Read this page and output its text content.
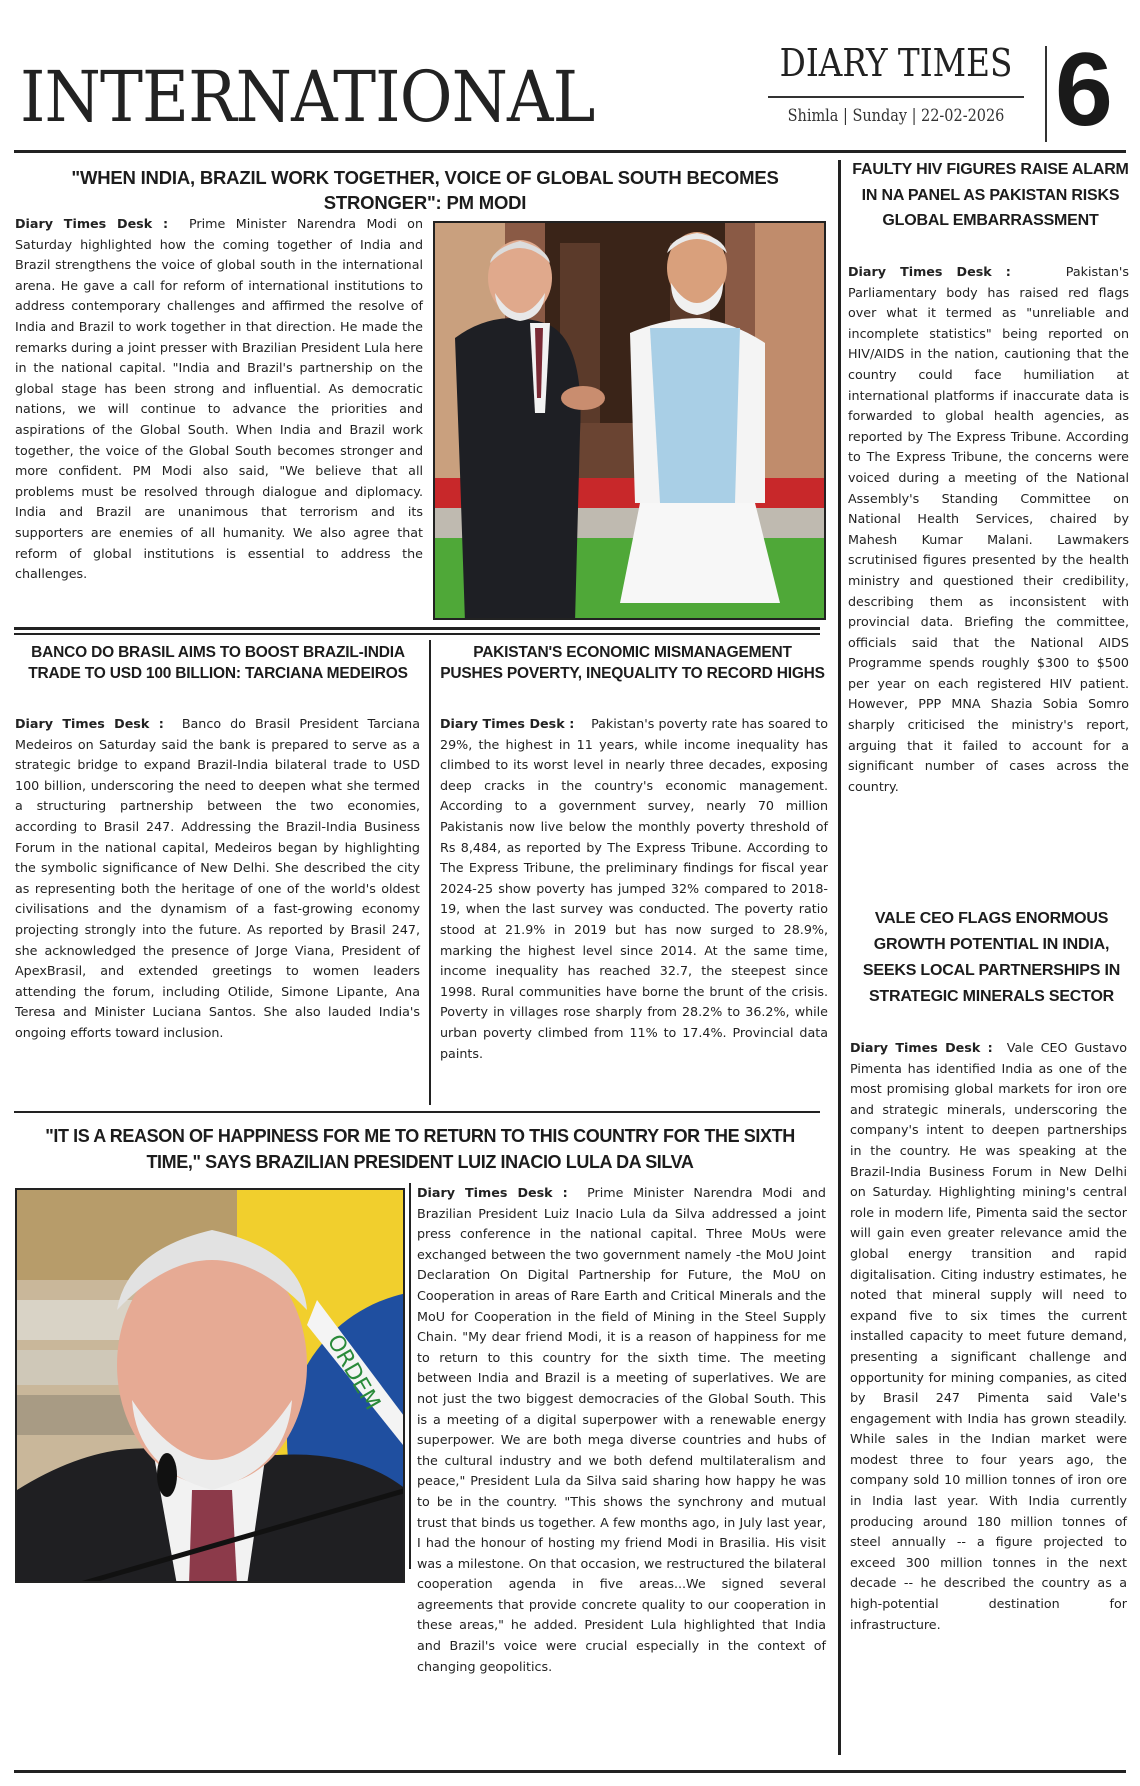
INTERNATIONAL	DIARY TIMES
Shimla | Sunday | 22-02-2026 6
"WHEN INDIA, BRAZIL WORK TOGETHER, VOICE OF GLOBAL SOUTH BECOMES STRONGER": PM MODI
Diary Times Desk : Prime Minister Narendra Modi on Saturday highlighted how the coming together of India and Brazil strengthens the voice of global south in the international arena. He gave a call for reform of international institutions to address contemporary challenges and affirmed the resolve of India and Brazil to work together in that direction. He made the remarks during a joint presser with Brazilian President Lula here in the national capital. "India and Brazil's partnership on the global stage has been strong and influential. As democratic nations, we will continue to advance the priorities and aspirations of the Global South. When India and Brazil work together, the voice of the Global South becomes stronger and more confident. PM Modi also said, "We believe that all problems must be resolved through dialogue and diplomacy. India and Brazil are unanimous that terrorism and its supporters are enemies of all humanity. We also agree that reform of global institutions is essential to address the challenges.
BANCO DO BRASIL AIMS TO BOOST BRAZIL-INDIA TRADE TO USD 100 BILLION: TARCIANA MEDEIROS
Diary Times Desk : Banco do Brasil President Tarciana Medeiros on Saturday said the bank is prepared to serve as a strategic bridge to expand Brazil-India bilateral trade to USD 100 billion, underscoring the need to deepen what she termed a structuring partnership between the two economies, according to Brasil 247. Addressing the Brazil-India Business Forum in the national capital, Medeiros began by highlighting the symbolic significance of New Delhi. She described the city as representing both the heritage of one of the world's oldest civilisations and the dynamism of a fast-growing economy projecting strongly into the future. As reported by Brasil 247, she acknowledged the presence of Jorge Viana, President of ApexBrasil, and extended greetings to women leaders attending the forum, including Otilide, Simone Lipante, Ana Teresa and Minister Luciana Santos. She also lauded India's ongoing efforts toward inclusion.
PAKISTAN'S ECONOMIC MISMANAGEMENT PUSHES POVERTY, INEQUALITY TO RECORD HIGHS
Diary Times Desk : Pakistan's poverty rate has soared to 29%, the highest in 11 years, while income inequality has climbed to its worst level in nearly three decades, exposing deep cracks in the country's economic management. According to a government survey, nearly 70 million Pakistanis now live below the monthly poverty threshold of Rs 8,484, as reported by The Express Tribune. According to The Express Tribune, the preliminary findings for fiscal year 2024-25 show poverty has jumped 32% compared to 2018-19, when the last survey was conducted. The poverty ratio stood at 21.9% in 2019 but has now surged to 28.9%, marking the highest level since 2014. At the same time, income inequality has reached 32.7, the steepest since 1998. Rural communities have borne the brunt of the crisis. Poverty in villages rose sharply from 28.2% to 36.2%, while urban poverty climbed from 11% to 17.4%. Provincial data paints.
"IT IS A REASON OF HAPPINESS FOR ME TO RETURN TO THIS COUNTRY FOR THE SIXTH TIME," SAYS BRAZILIAN PRESIDENT LUIZ INACIO LULA DA SILVA
ORDEM
Diary Times Desk : Prime Minister Narendra Modi and Brazilian President Luiz Inacio Lula da Silva addressed a joint press conference in the national capital. Three MoUs were exchanged between the two government namely -the MoU Joint Declaration On Digital Partnership for Future, the MoU on Cooperation in areas of Rare Earth and Critical Minerals and the MoU for Cooperation in the field of Mining in the Steel Supply Chain. "My dear friend Modi, it is a reason of happiness for me to return to this country for the sixth time. The meeting between India and Brazil is a meeting of superlatives. We are not just the two biggest democracies of the Global South. This is a meeting of a digital superpower with a renewable energy superpower. We are both mega diverse countries and hubs of the cultural industry and we both defend multilateralism and peace," President Lula da Silva said sharing how happy he was to be in the country. "This shows the synchrony and mutual trust that binds us together. A few months ago, in July last year, I had the honour of hosting my friend Modi in Brasilia. His visit was a milestone. On that occasion, we restructured the bilateral cooperation agenda in five areas...We signed several agreements that provide concrete quality to our cooperation in these areas," he added. President Lula highlighted that India and Brazil's voice were crucial especially in the context of changing geopolitics.
FAULTY HIV FIGURES RAISE ALARM IN NA PANEL AS PAKISTAN RISKS GLOBAL EMBARRASSMENT
Diary Times Desk :	Pakistan's Parliamentary body has raised red flags over what it termed as "unreliable and incomplete statistics" being reported on HIV/AIDS in the nation, cautioning that the country could face humiliation at international platforms if inaccurate data is forwarded to global health agencies, as reported by The Express Tribune. According to The Express Tribune, the concerns were voiced during a meeting of the National Assembly's Standing Committee on National Health Services, chaired by Mahesh Kumar Malani. Lawmakers scrutinised figures presented by the health ministry and questioned their credibility, describing them as inconsistent with provincial data. Briefing the committee, officials said that the National AIDS Programme spends roughly $300 to $500 per year on each registered HIV patient. However, PPP MNA Shazia Sobia Somro sharply criticised the ministry's report, arguing that it failed to account for a significant number of cases across the country.
VALE CEO FLAGS ENORMOUS GROWTH POTENTIAL IN INDIA, SEEKS LOCAL PARTNERSHIPS IN STRATEGIC MINERALS SECTOR
Diary Times Desk : Vale CEO Gustavo Pimenta has identified India as one of the most promising global markets for iron ore and strategic minerals, underscoring the company's intent to deepen partnerships in the country. He was speaking at the Brazil-India Business Forum in New Delhi on Saturday. Highlighting mining's central role in modern life, Pimenta said the sector will gain even greater relevance amid the global energy transition and rapid digitalisation. Citing industry estimates, he noted that mineral supply will need to expand five to six times the current installed capacity to meet future demand, presenting a significant challenge and opportunity for mining companies, as cited by Brasil 247 Pimenta said Vale's engagement with India has grown steadily. While sales in the Indian market were modest three to four years ago, the company sold 10 million tonnes of iron ore in India last year. With India currently producing around 180 million tonnes of steel annually -- a figure projected to exceed 300 million tonnes in the next decade -- he described the country as a high-potential destination for infrastructure.
